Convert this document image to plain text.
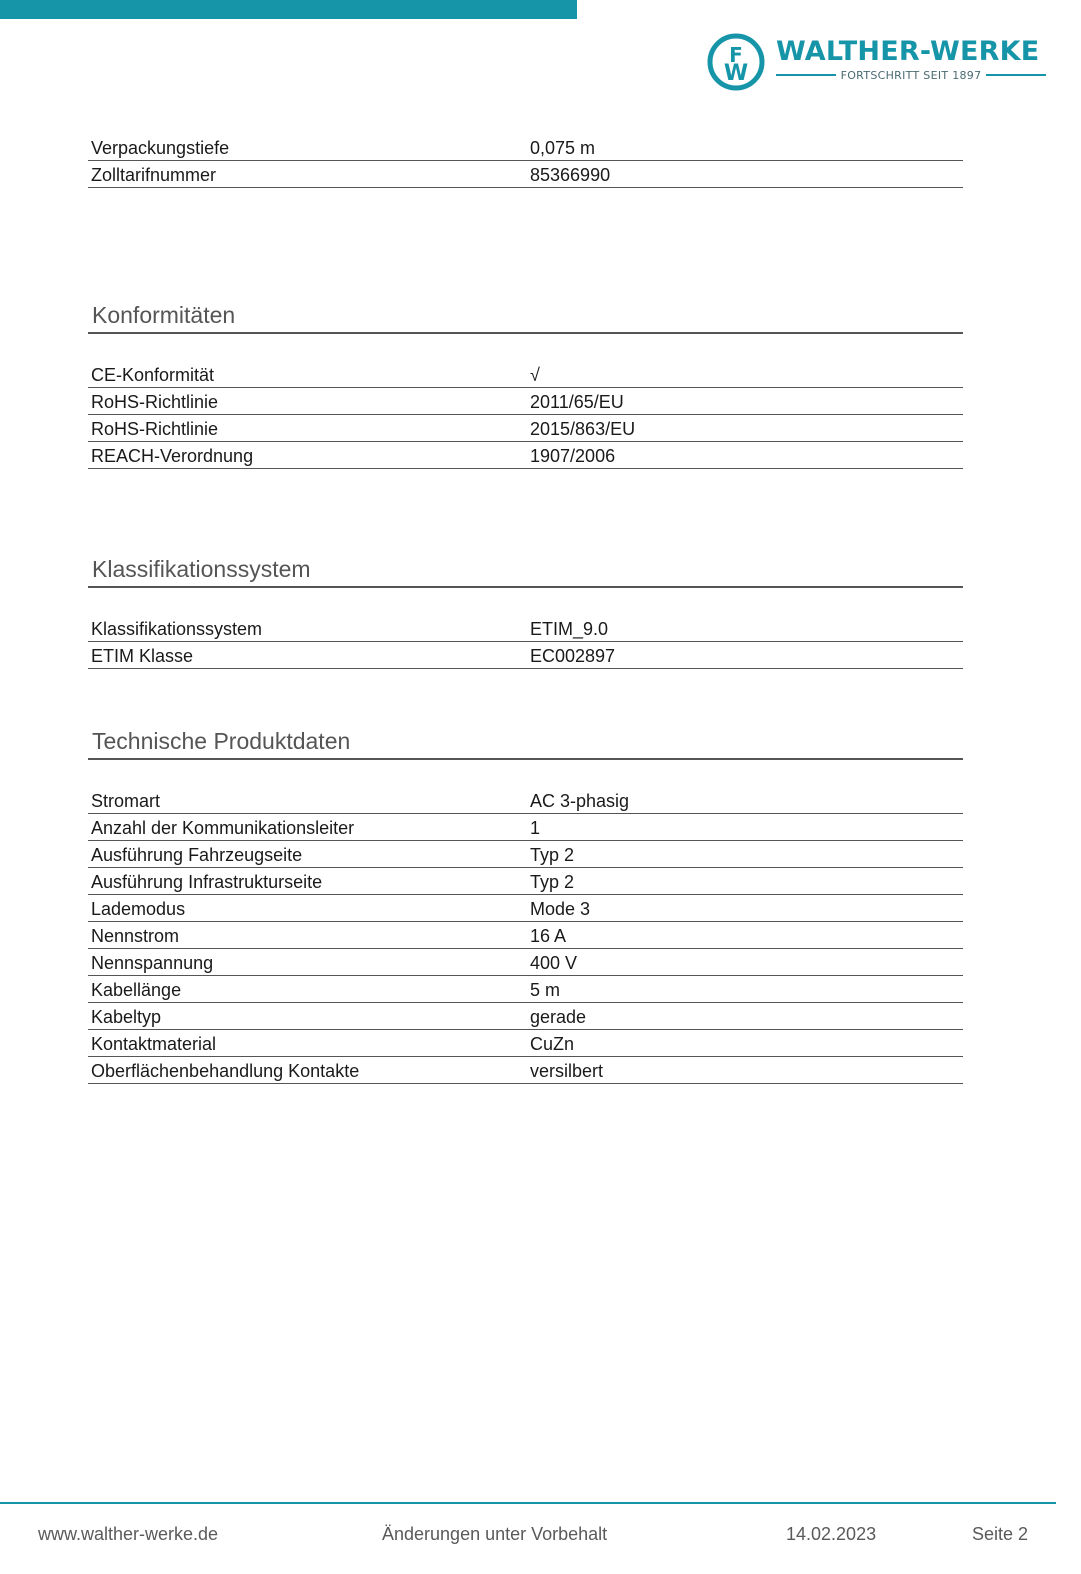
F
W
WALTHER-WERKE
FORTSCHRITT SEIT 1897
Verpackungstiefe	0,075 m
Zolltarifnummer	85366990
Konformitäten
CE-Konformität	√
RoHS-Richtlinie	2011/65/EU
RoHS-Richtlinie	2015/863/EU
REACH-Verordnung	1907/2006
Klassifikationssystem
Klassifikationssystem	ETIM_9.0
ETIM Klasse	EC002897
Technische Produktdaten
Stromart	AC 3-phasig
Anzahl der Kommunikationsleiter	1
Ausführung Fahrzeugseite	Typ 2
Ausführung Infrastrukturseite	Typ 2
Lademodus	Mode 3
Nennstrom	16 A
Nennspannung	400 V
Kabellänge	5 m
Kabeltyp	gerade
Kontaktmaterial	CuZn
Oberflächenbehandlung Kontakte	versilbert
www.walther-werke.de	Änderungen unter Vorbehalt	14.02.2023	Seite 2
